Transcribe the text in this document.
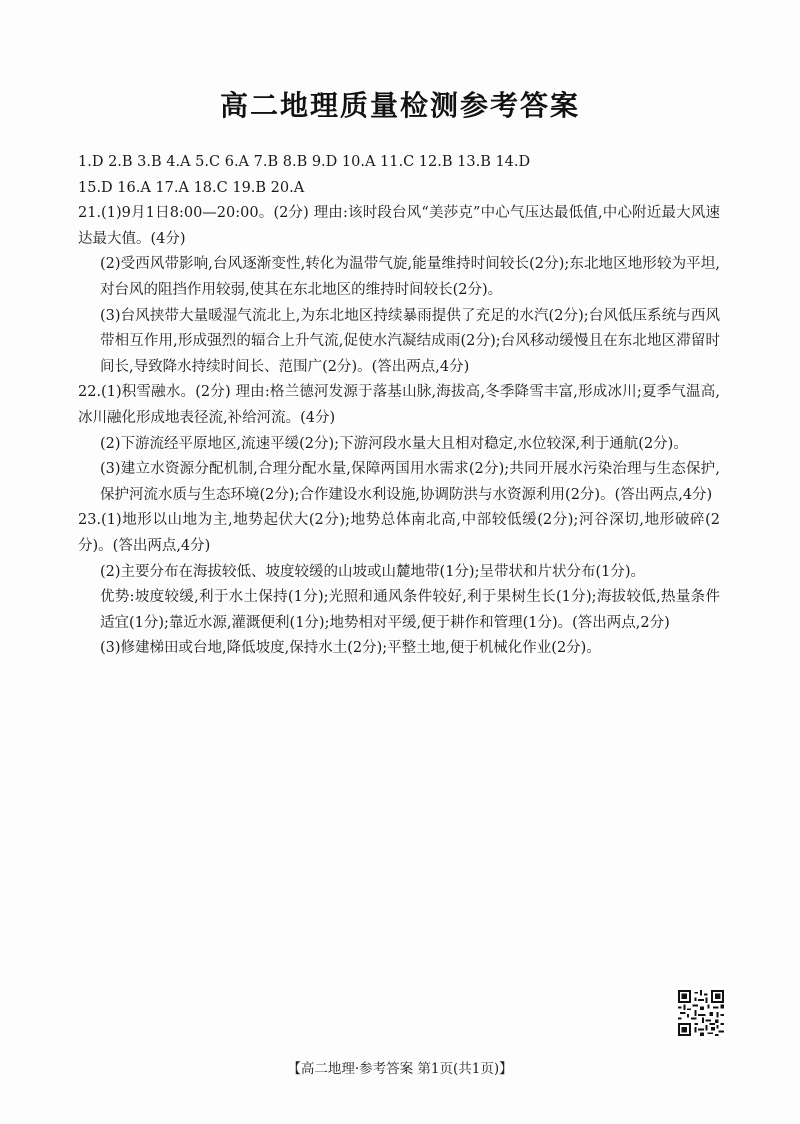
高二地理质量检测参考答案

1.D 2.B 3.B 4.A 5.C 6.A 7.B 8.B 9.D 10.A 11.C 12.B 13.B 14.D

15.D 16.A 17.A 18.C 19.B 20.A

21.(1)9月1日8:00—20:00。(2分) 理由:该时段台风“美莎克”中心气压达最低值,中心附近最大风速达最大值。(4分)

(2)受西风带影响,台风逐渐变性,转化为温带气旋,能量维持时间较长(2分);东北地区地形较为平坦,对台风的阻挡作用较弱,使其在东北地区的维持时间较长(2分)。

(3)台风挟带大量暖湿气流北上,为东北地区持续暴雨提供了充足的水汽(2分);台风低压系统与西风带相互作用,形成强烈的辐合上升气流,促使水汽凝结成雨(2分);台风移动缓慢且在东北地区滞留时间长,导致降水持续时间长、范围广(2分)。(答出两点,4分)

22.(1)积雪融水。(2分) 理由:格兰德河发源于落基山脉,海拔高,冬季降雪丰富,形成冰川;夏季气温高,冰川融化形成地表径流,补给河流。(4分)

(2)下游流经平原地区,流速平缓(2分);下游河段水量大且相对稳定,水位较深,利于通航(2分)。

(3)建立水资源分配机制,合理分配水量,保障两国用水需求(2分);共同开展水污染治理与生态保护,保护河流水质与生态环境(2分);合作建设水利设施,协调防洪与水资源利用(2分)。(答出两点,4分)

23.(1)地形以山地为主,地势起伏大(2分);地势总体南北高,中部较低缓(2分);河谷深切,地形破碎(2分)。(答出两点,4分)

(2)主要分布在海拔较低、坡度较缓的山坡或山麓地带(1分);呈带状和片状分布(1分)。

优势:坡度较缓,利于水土保持(1分);光照和通风条件较好,利于果树生长(1分);海拔较低,热量条件适宜(1分);靠近水源,灌溉便利(1分);地势相对平缓,便于耕作和管理(1分)。(答出两点,2分)

(3)修建梯田或台地,降低坡度,保持水土(2分);平整土地,便于机械化作业(2分)。

【高二地理·参考答案 第1页(共1页)】
